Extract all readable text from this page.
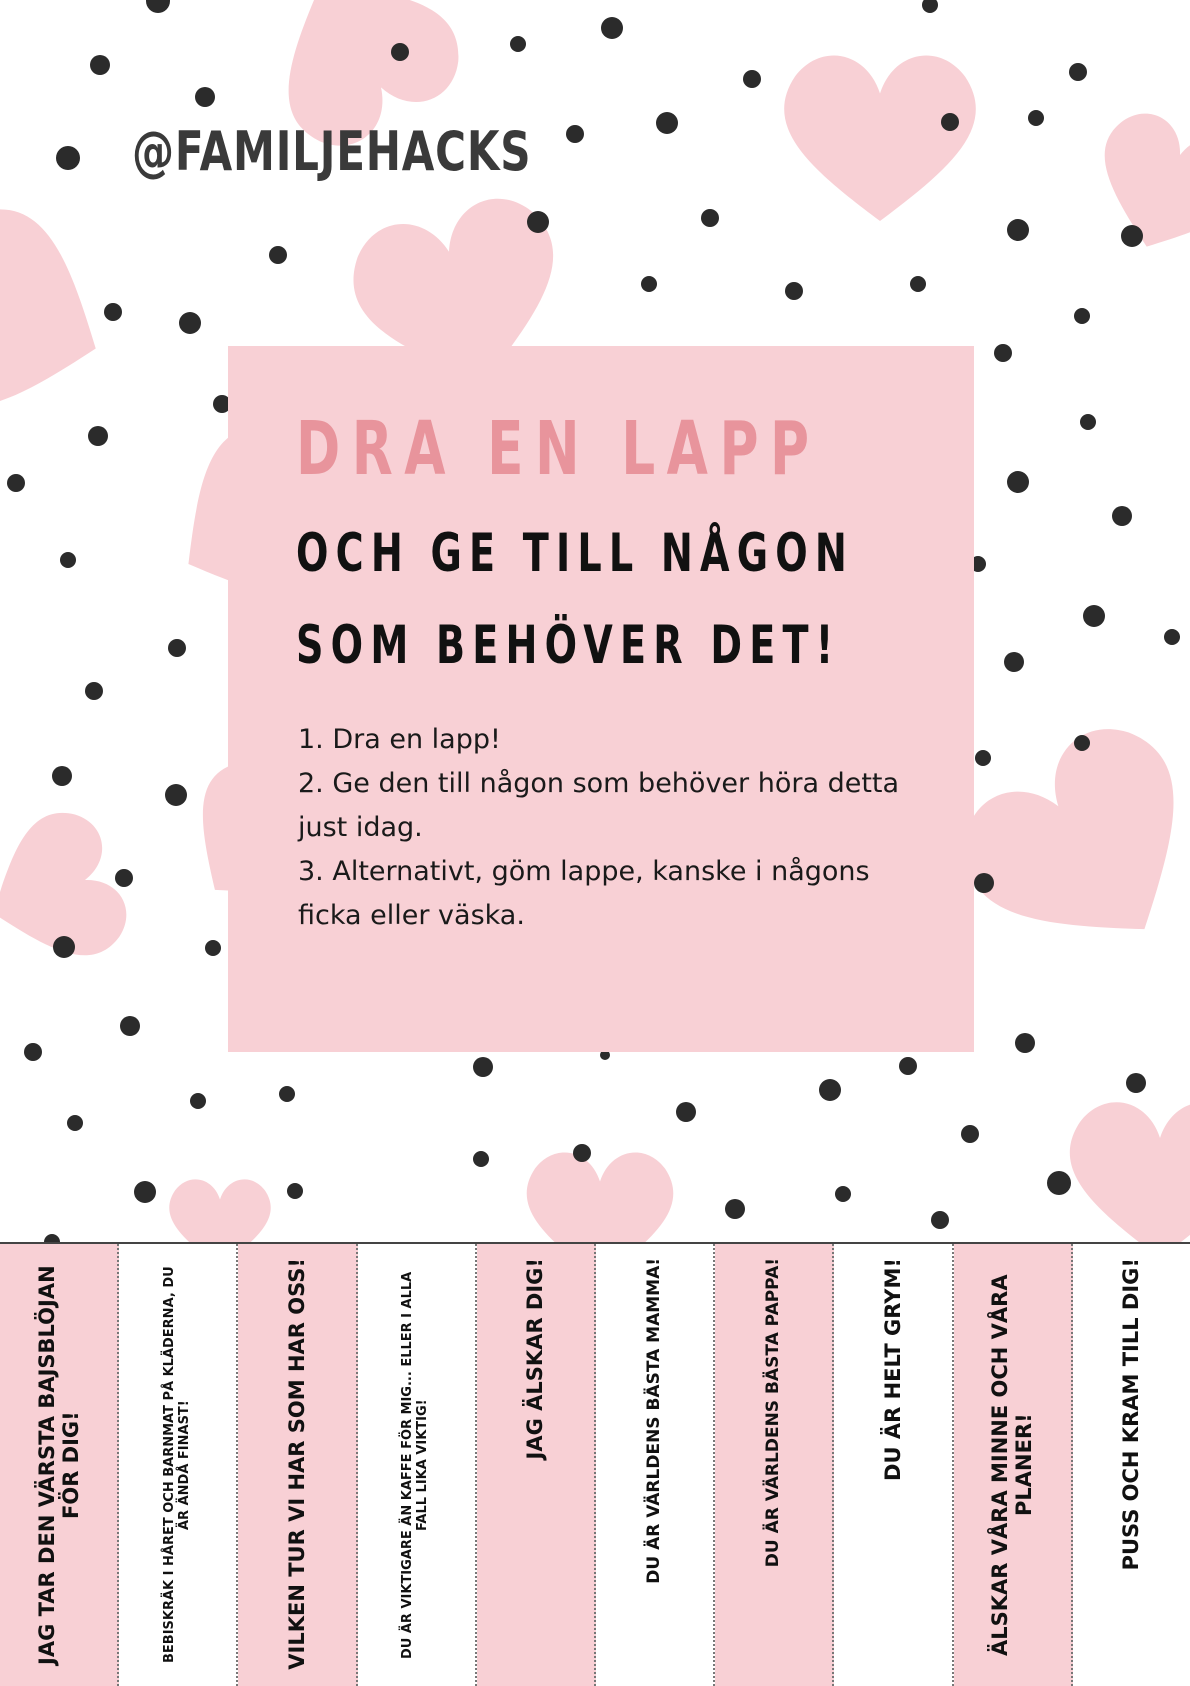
@FAMILJEHACKS
DRA EN LAPP
OCH GE TILL NÅGON
SOM BEHÖVER DET!
1. Dra en lapp!
2. Ge den till någon som behöver höra detta just idag.
3. Alternativt, göm lappe, kanske i någons ficka eller väska.
JAG TAR DEN VÄRSTA BAJSBLÖJAN FÖR DIG!	BEBISKRÄK I HÅRET OCH BARNMAT PÅ KLÄDERNA, DU ÄR ÄNDÅ FINAST!	VILKEN TUR VI HAR SOM HAR OSS!	DU ÄR VIKTIGARE ÄN KAFFE FÖR MIG... ELLER I ALLA FALL LIKA VIKTIG!
JAG ÄLSKAR DIG!	DU ÄR VÄRLDENS BÄSTA MAMMA!	DU ÄR VÄRLDENS BÄSTA PAPPA!	DU ÄR HELT GRYM!	ÄLSKAR VÅRA MINNE OCH VÅRA PLANER!	PUSS OCH KRAM TILL DIG!
